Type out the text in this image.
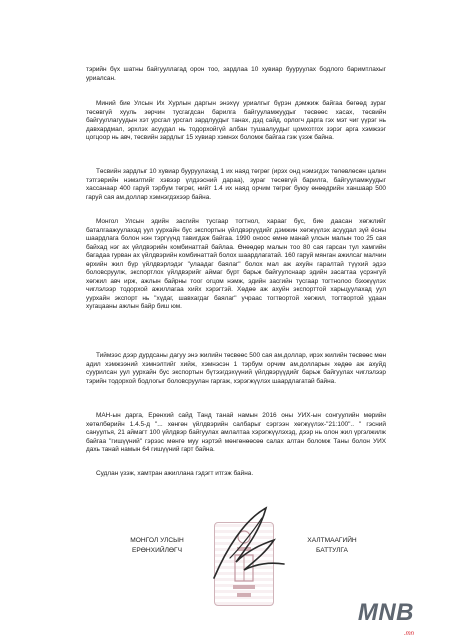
тэрийн бүх шатны байгууллагад орон тоо, зардлаа 10 хувиар бууруулах бодлого баримтлахыг уриалсан.

Миний бие Улсын Их Хурлын даргын энэхүү уриалгыг бүрэн дэмжиж байгаа бөгөөд зураг төсөвгүй хууль зөрчин тусгагдсан барилга байгууламжуудыг төсвөөс хасах, төсвийн байгууллагуудын хэт урсгал урсгал зардлуудыг танах, дэд сайд, орлогч дарга гэх мэт чиг үүрэг нь давхардмал, эрхлэх асуудал нь тодорхойгүй албан тушаалуудыг цомхотгох зэрэг арга хэмжээг цогцоор нь авч, төсвийн зардлыг 15 хувиар хэмнэх боломж байгаа гэж үзэж байна.

Төсвийн зардлыг 10 хувиар бууруулахад 1 их наяд төгрөг (ирэх онд нэмэгдэх төлөвлөсөн цалин тэтгэврийн нэмэлтийг хэвээр үлдээсний дараа), зураг төсөвгүй барилга, байгууламжуудыг хассанаар 400 гаруй тэрбум төгрөг, нийт 1.4 их наяд орчим төгрөг буюу өнөөдрийн ханшаар 500 гаруй сая ам.доллар хэмнэгдэхээр байна.

Монгол Улсын эдийн засгийн тусгаар тогтнол, харааг бус, бие даасан хөгжлийг баталгаажуулахад уул уурхайн бус экспортын үйлдвэрүүдийг дэмжин хөгжүүлэх асуудал зүй ёсны шаардлага болон нэн тэргүүнд тавигдаж байгаа. 1990 оноос өмнө манай улсын малын тоо 25 сая байхад нэг ах үйлдвэрийн комбинаттай байлаа. Өнөөдөр малын тоо 80 сая гарсан тул хамгийн багадаа гурван ах үйлдвэрийн комбинаттай болох шаардлагатай. 160 гаруй мянган ажилсаг малчин өрхийн жил бүр үйлдвэрлэдэг "улаадаг баялаг" болох мал аж ахуйн гаралтай түүхий эдээ боловсруулж, экспортлох үйлдвэрийг аймаг бүрт барьж байгуулснаар эдийн засагтаа үсрэнгүй хөгжил авч ирж, ажлын байрны тоог огцом нэмж, эдийн засгийн тусгаар тогтнолоо бэхжүүлэх чиглэлээр тодорхой ажиллагаа хийх хэрэгтэй. Хөдөө аж ахуйн экспорттой харьцуулахад уул уурхайн экспорт нь "хүдаг, шавхагдаг баялаг" учраас тогтвортой хөгжил, тогтвортой удаан хугацааны ажлын байр биш юм.

Тиймээс дээр дурдсаны дагуу энэ жилийн төсвөөс 500 сая ам.доллар, ирэх жилийн төсвөөс мөн адил хэмжээний хэмнэлтийг хийж, хэмнэсэн 1 тэрбум орчим ам.долларын хөдөө аж ахуйд суурилсан уул уурхайн бус экспортын бүтээгдэхүүний үйлдвэрүүдийг барьж байгуулах чиглэлээр тэрийн тодорхой бодлогыг боловсруулан гаргаж, хэрэгжүүлэх шаардлагатай байна.

МАН-ын дарга, Ерөнхий сайд Танд танай намын 2016 оны УИХ-ын сонгуулийн мөрийн хөтөлбөрийн 1.4.5-д "... хөнгөн үйлдвэрийн салбарыг сэргээн хөгжүүлэх-"21:100".. " гэсний сануулъя, 21 аймагт 100 үйлдвэр байгуулах амлалтаа хэрэгжүүлэхэд, дээр нь олон жил үргэлжилж байгаа "гишүүний" гэрээс мөнгө муу нэртэй мөнгөнөөсөө салах алтан боломж Таны болон УИХ дахь танай намын 64 гишүүний гарт байна.

Судлан үзэж, хамтран ажиллана гэдэгт итгэж байна.

МОНГОЛ УЛСЫН
ЕРӨНХИЙЛӨГЧ
ХАЛТМААГИЙН
БАТТУЛГА
MNB
.mn
